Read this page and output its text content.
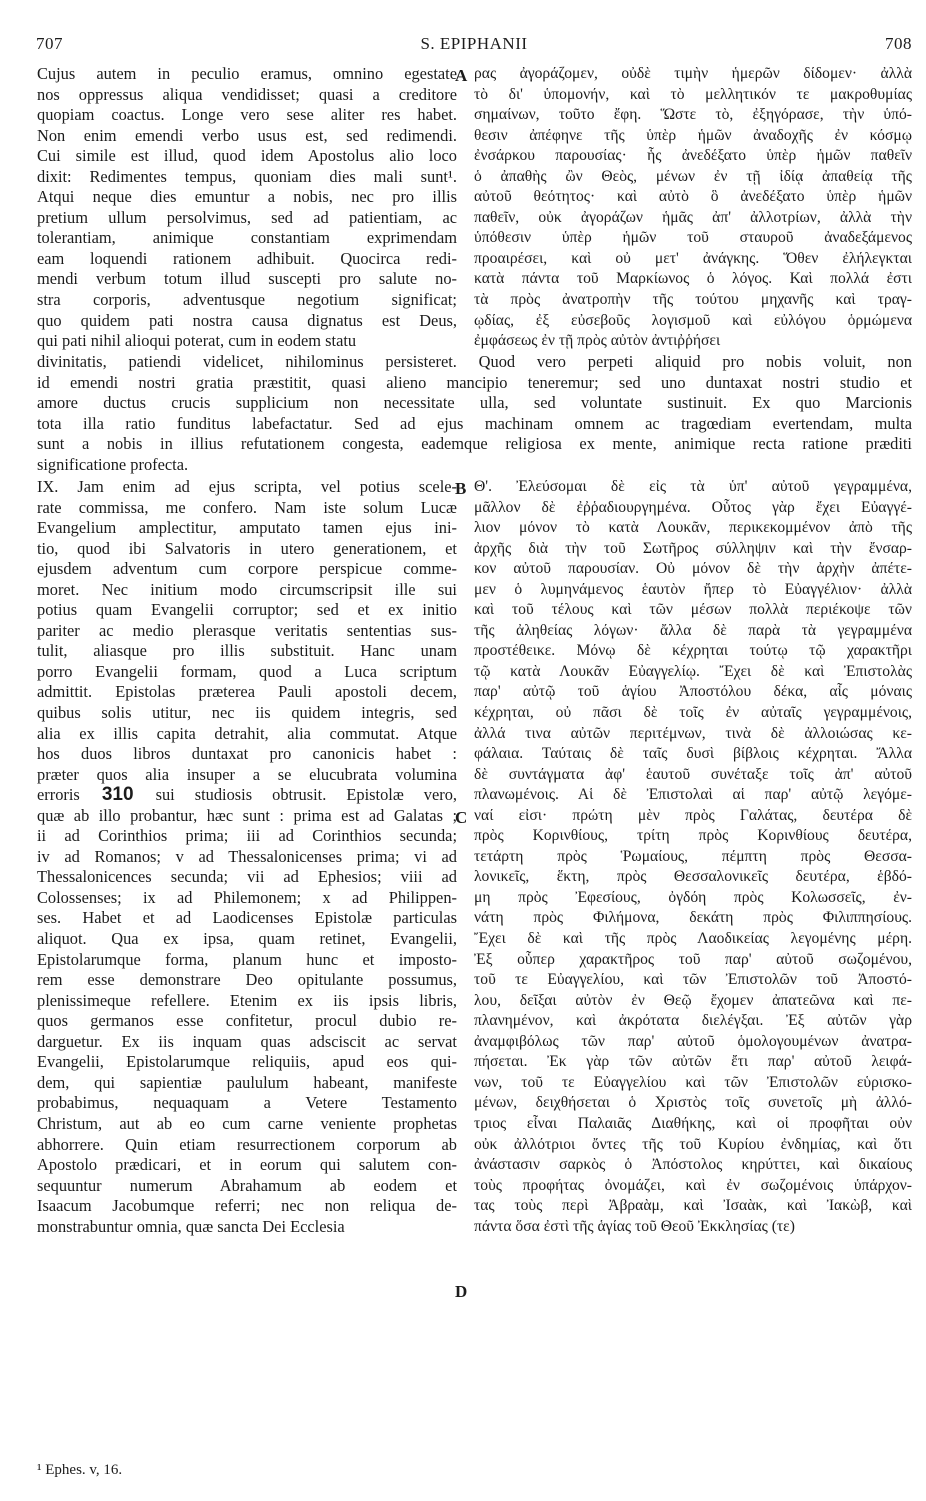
707	S. EPIPHANII	708
Cujus autem in peculio eramus, omnino egestate
nos oppressus aliqua vendidisset; quasi a creditore
quopiam coactus. Longe vero sese aliter res habet.
Non enim emendi verbo usus est, sed redimendi.
Cui simile est illud, quod idem Apostolus alio loco
dixit: Redimentes tempus, quoniam dies mali sunt¹.
Atqui neque dies emuntur a nobis, nec pro illis
pretium ullum persolvimus, sed ad patientiam, ac
tolerantiam, animique constantiam exprimendam
eam loquendi rationem adhibuit. Quocirca redi-
mendi verbum totum illud suscepti pro salute no-
stra corporis, adventusque negotium significat;
quo quidem pati nostra causa dignatus est Deus,
qui pati nihil alioqui poterat, cum in eodem statu
ρας ἀγοράζομεν, οὐδὲ τιμὴν ἡμερῶν δίδομεν· ἀλλὰ
τὸ δι' ὑπομονήν, καὶ τὸ μελλητικόν τε μακροθυμίας
σημαίνων, τοῦτο ἔφη. Ὥστε τὸ, ἐξηγόρασε, τὴν ὑπό-
θεσιν ἀπέφηνε τῆς ὑπὲρ ἡμῶν ἀναδοχῆς ἐν κόσμῳ
ἐνσάρκου παρουσίας· ἧς ἀνεδέξατο ὑπὲρ ἡμῶν παθεῖν
ὁ ἀπαθὴς ὢν Θεὸς, μένων ἐν τῇ ἰδίᾳ ἀπαθείᾳ τῆς
αὐτοῦ θεότητος· καὶ αὐτὸ ὃ ἀνεδέξατο ὑπὲρ ἡμῶν
παθεῖν, οὐκ ἀγοράζων ἡμᾶς ἀπ' ἀλλοτρίων, ἀλλὰ τὴν
ὑπόθεσιν ὑπὲρ ἡμῶν τοῦ σταυροῦ ἀναδεξάμενος
προαιρέσει, καὶ οὐ μετ' ἀνάγκης. Ὅθεν ἐλήλεγκται
κατὰ πάντα τοῦ Μαρκίωνος ὁ λόγος. Καὶ πολλά ἐστι
τὰ πρὸς ἀνατροπὴν τῆς τούτου μηχανῆς καὶ τραγ-
ῳδίας, ἐξ εὐσεβοῦς λογισμοῦ καὶ εὐλόγου ὁρμώμενα
ἐμφάσεως ἐν τῇ πρὸς αὐτὸν ἀντιῤῥήσει
A
divinitatis, patiendi videlicet, nihilominus persisteret. Quod vero perpeti aliquid pro nobis voluit, non
id emendi nostri gratia præstitit, quasi alieno mancipio teneremur; sed uno duntaxat nostri studio et
amore ductus crucis supplicium non necessitate ulla, sed voluntate sustinuit. Ex quo Marcionis
tota illa ratio funditus labefactatur. Sed ad ejus machinam omnem ac tragœdiam evertendam, multa
sunt a nobis in illius refutationem congesta, eademque religiosa ex mente, animique recta ratione præditi
significatione profecta.
IX. Jam enim ad ejus scripta, vel potius scele-
rate commissa, me confero. Nam iste solum Lucæ
Evangelium amplectitur, amputato tamen ejus ini-
tio, quod ibi Salvatoris in utero generationem, et
ejusdem adventum cum corpore perspicue comme-
moret. Nec initium modo circumscripsit ille sui
potius quam Evangelii corruptor; sed et ex initio
pariter ac medio plerasque veritatis sententias sus-
tulit, aliasque pro illis substituit. Hanc unam
porro Evangelii formam, quod a Luca scriptum
admittit. Epistolas præterea Pauli apostoli decem,
quibus solis utitur, nec iis quidem integris, sed
alia ex illis capita detrahit, alia commutat. Atque
hos duos libros duntaxat pro canonicis habet :
præter quos alia insuper a se elucubrata volumina
erroris 310 sui studiosis obtrusit. Epistolæ vero,
quæ ab illo probantur, hæc sunt : prima est ad Galatas ;
ii ad Corinthios prima; iii ad Corinthios secunda;
iv ad Romanos; v ad Thessalonicenses prima; vi ad
Thessalonicences secunda; vii ad Ephesios; viii ad
Colossenses; ix ad Philemonem; x ad Philippen-
ses. Habet et ad Laodicenses Epistolæ particulas
aliquot. Qua ex ipsa, quam retinet, Evangelii,
Epistolarumque forma, planum hunc et imposto-
rem esse demonstrare Deo opitulante possumus,
plenissimeque refellere. Etenim ex iis ipsis libris,
quos germanos esse confitetur, procul dubio re-
darguetur. Ex iis inquam quas adsciscit ac servat
Evangelii, Epistolarumque reliquiis, apud eos qui-
dem, qui sapientiæ paululum habeant, manifeste
probabimus, nequaquam a Vetere Testamento
Christum, aut ab eo cum carne veniente prophetas
abhorrere. Quin etiam resurrectionem corporum ab
Apostolo prædicari, et in eorum qui salutem con-
sequuntur numerum Abrahamum ab eodem et
Isaacum Jacobumque referri; nec non reliqua de-
monstrabuntur omnia, quæ sancta Dei Ecclesia
Θ'. Ἐλεύσομαι δὲ εἰς τὰ ὑπ' αὐτοῦ γεγραμμένα,
μᾶλλον δὲ ἐῤῥαδιουργημένα. Οὗτος γὰρ ἔχει Εὐαγγέ-
λιον μόνον τὸ κατὰ Λουκᾶν, περικεκομμένον ἀπὸ τῆς
ἀρχῆς διὰ τὴν τοῦ Σωτῆρος σύλληψιν καὶ τὴν ἔνσαρ-
κον αὐτοῦ παρουσίαν. Οὐ μόνον δὲ τὴν ἀρχὴν ἀπέτε-
μεν ὁ λυμηνάμενος ἑαυτὸν ἤπερ τὸ Εὐαγγέλιον· ἀλλὰ
καὶ τοῦ τέλους καὶ τῶν μέσων πολλὰ περιέκοψε τῶν
τῆς ἀληθείας λόγων· ἄλλα δὲ παρὰ τὰ γεγραμμένα
προστέθεικε. Μόνῳ δὲ κέχρηται τούτῳ τῷ χαρακτῆρι
τῷ κατὰ Λουκᾶν Εὐαγγελίῳ. Ἔχει δὲ καὶ Ἐπιστολὰς
παρ' αὐτῷ τοῦ ἁγίου Ἀποστόλου δέκα, αἷς μόναις
κέχρηται, οὐ πᾶσι δὲ τοῖς ἐν αὐταῖς γεγραμμένοις,
ἀλλά τινα αὐτῶν περιτέμνων, τινὰ δὲ ἀλλοιώσας κε-
φάλαια. Ταύταις δὲ ταῖς δυσὶ βίβλοις κέχρηται. Ἄλλα
δὲ συντάγματα ἀφ' ἑαυτοῦ συνέταξε τοῖς ἀπ' αὐτοῦ
πλανωμένοις. Αἱ δὲ Ἐπιστολαὶ αἱ παρ' αὐτῷ λεγόμε-
ναί εἰσι· πρώτη μὲν πρὸς Γαλάτας, δευτέρα δὲ
πρὸς Κορινθίους, τρίτη πρὸς Κορινθίους δευτέρα,
τετάρτη πρὸς Ῥωμαίους, πέμπτη πρὸς Θεσσα-
λονικεῖς, ἕκτη, πρὸς Θεσσαλονικεῖς δευτέρα, ἑβδό-
μη πρὸς Ἐφεσίους, ὀγδόη πρὸς Κολωσσεῖς, ἐν-
νάτη πρὸς Φιλήμονα, δεκάτη πρὸς Φιλιππησίους.
Ἔχει δὲ καὶ τῆς πρὸς Λαοδικείας λεγομένης μέρη.
Ἐξ οὗπερ χαρακτῆρος τοῦ παρ' αὐτοῦ σωζομένου,
τοῦ τε Εὐαγγελίου, καὶ τῶν Ἐπιστολῶν τοῦ Ἀποστό-
λου, δεῖξαι αὐτὸν ἐν Θεῷ ἔχομεν ἀπατεῶνα καὶ πε-
πλανημένον, καὶ ἀκρότατα διελέγξαι. Ἐξ αὐτῶν γὰρ
ἀναμφιβόλως τῶν παρ' αὐτοῦ ὁμολογουμένων ἀνατρα-
πήσεται. Ἐκ γὰρ τῶν αὐτῶν ἔτι παρ' αὐτοῦ λειφά-
νων, τοῦ τε Εὐαγγελίου καὶ τῶν Ἐπιστολῶν εὑρισκο-
μένων, δειχθήσεται ὁ Χριστὸς τοῖς συνετοῖς μὴ ἀλλό-
τριος εἶναι Παλαιᾶς Διαθήκης, καὶ οἱ προφῆται οὐν
οὐκ ἀλλότριοι ὄντες τῆς τοῦ Κυρίου ἐνδημίας, καὶ ὅτι
ἀνάστασιν σαρκὸς ὁ Ἀπόστολος κηρύττει, καὶ δικαίους
τοὺς προφήτας ὀνομάζει, καὶ ἐν σωζομένοις ὑπάρχον-
τας τοὺς περὶ Ἀβραὰμ, καὶ Ἰσαὰκ, καὶ Ἰακὼβ, καὶ
πάντα ὅσα ἐστὶ τῆς ἁγίας τοῦ Θεοῦ Ἐκκλησίας (τε)
B
C
D
¹ Ephes. v, 16.
